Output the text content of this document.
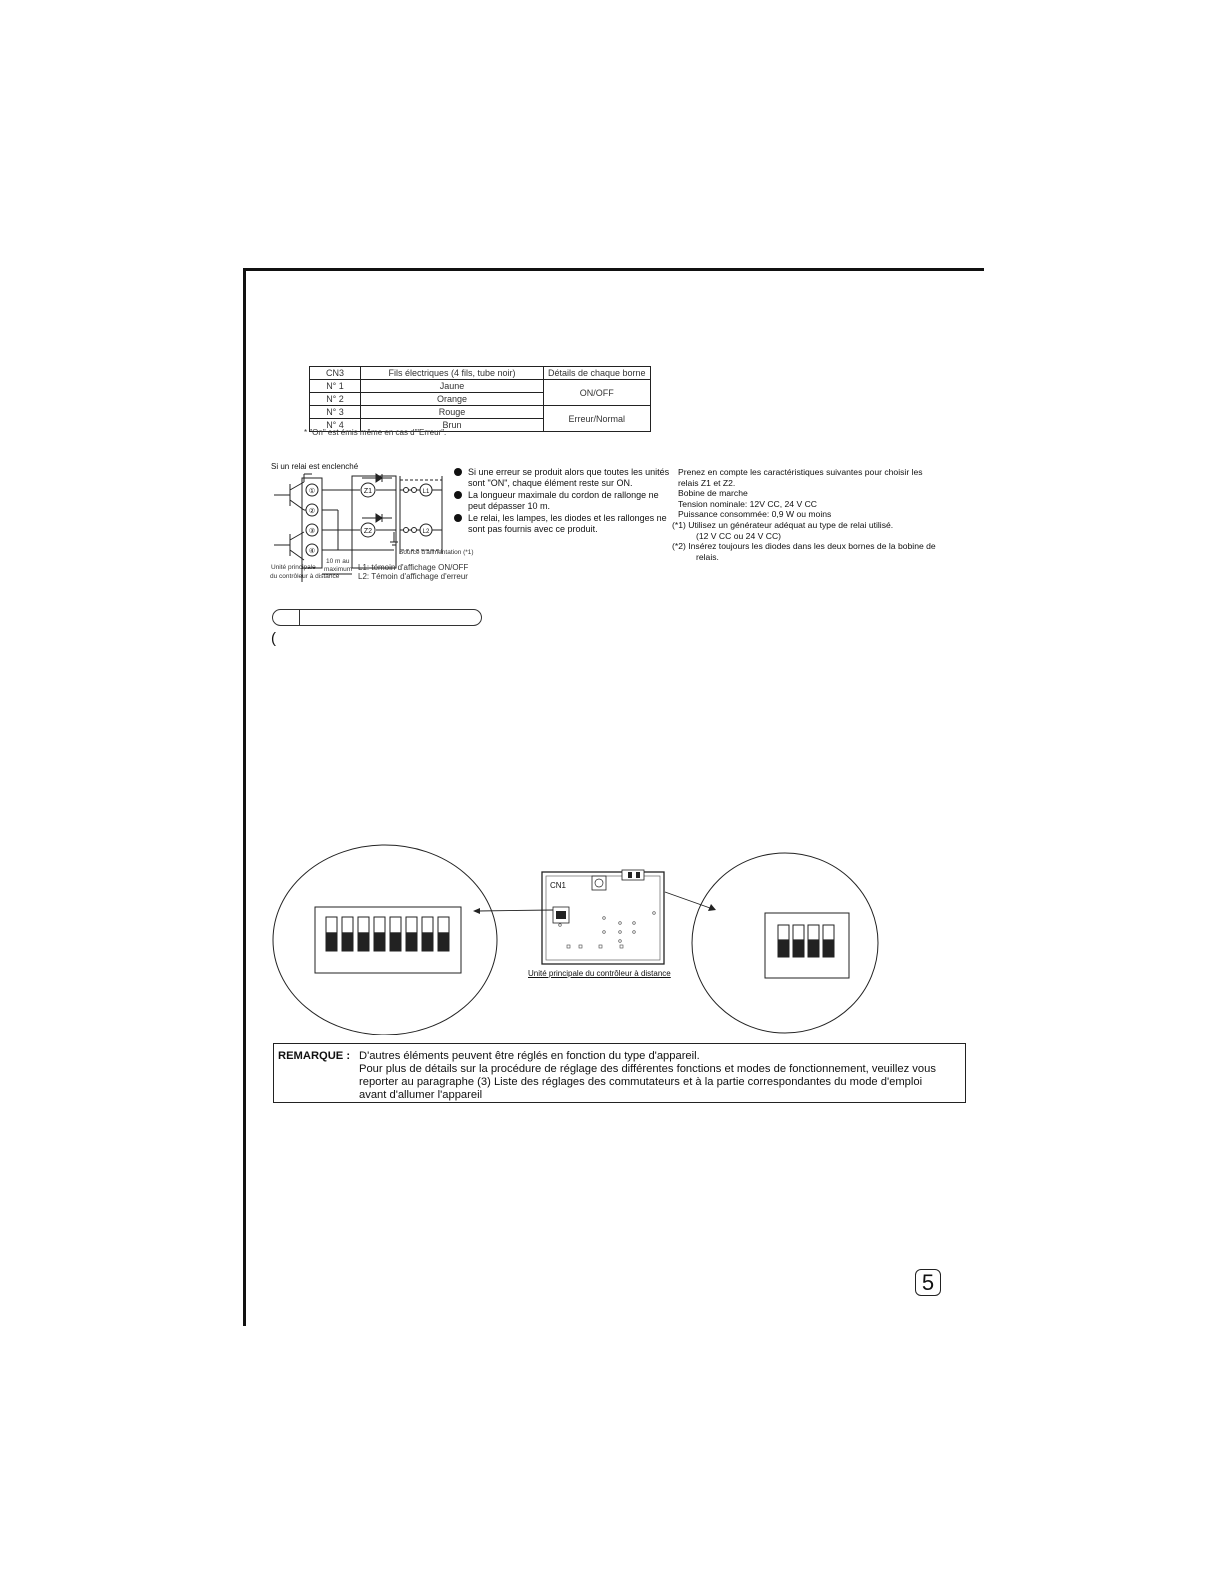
CN3	Fils électriques (4 fils, tube noir)	Détails de chaque borne
N° 1	Jaune	ON/OFF
N° 2	Orange	
N° 3	Rouge	Erreur/Normal
N° 4	Brun	
* "On" est émis même en cas d'"Erreur".
Si un relai est enclenché
①
②
③
④
Z1
Z2
L1
L2
Source d'alimentation (*1)
Unité principale
du contrôleur à distance
10 m au
maximum L1: témoin d'affichage ON/OFF
L2: Témoin d'affichage d'erreur
Si une erreur se produit alors que toutes les unités sont "ON", chaque élément reste sur ON.
La longueur maximale du cordon de rallonge ne peut dépasser 10 m.
Le relai, les lampes, les diodes et les rallonges ne sont pas fournis avec ce produit.
Prenez en compte les caractéristiques suivantes pour choisir les
relais Z1 et Z2.
Bobine de marche
Tension nominale: 12V CC, 24 V CC
Puissance consommée: 0,9 W ou moins
(*1) Utilisez un générateur adéquat au type de relai utilisé.
(12 V CC ou 24 V CC)
(*2) Insérez toujours les diodes dans les deux bornes de la bobine de
relais.
(
CN1
Unité principale du contrôleur à distance
REMARQUE : D'autres éléments peuvent être réglés en fonction du type d'appareil.
Pour plus de détails sur la procédure de réglage des différentes fonctions et modes de fonctionnement, veuillez vous
reporter au paragraphe (3) Liste des réglages des commutateurs et à la partie correspondantes du mode d'emploi
avant d'allumer l'appareil
5
